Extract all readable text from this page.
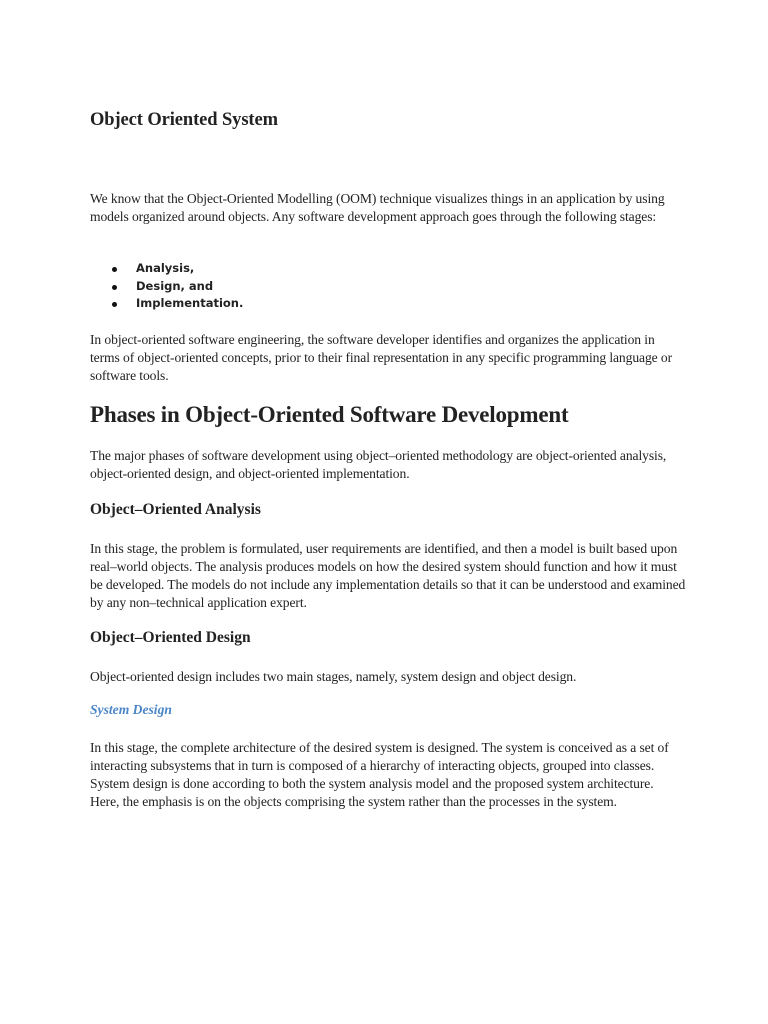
Object Oriented System

We know that the Object-Oriented Modelling (OOM) technique visualizes things in an application by using models organized around objects. Any software development approach goes through the following stages:

Analysis,
Design, and
Implementation.

In object-oriented software engineering, the software developer identifies and organizes the application in terms of object-oriented concepts, prior to their final representation in any specific programming language or software tools.

Phases in Object-Oriented Software Development

The major phases of software development using object–oriented methodology are object-oriented analysis, object-oriented design, and object-oriented implementation.

Object–Oriented Analysis

In this stage, the problem is formulated, user requirements are identified, and then a model is built based upon real–world objects. The analysis produces models on how the desired system should function and how it must be developed. The models do not include any implementation details so that it can be understood and examined by any non–technical application expert.

Object–Oriented Design

Object-oriented design includes two main stages, namely, system design and object design.

System Design

In this stage, the complete architecture of the desired system is designed. The system is conceived as a set of interacting subsystems that in turn is composed of a hierarchy of interacting objects, grouped into classes. System design is done according to both the system analysis model and the proposed system architecture. Here, the emphasis is on the objects comprising the system rather than the processes in the system.
